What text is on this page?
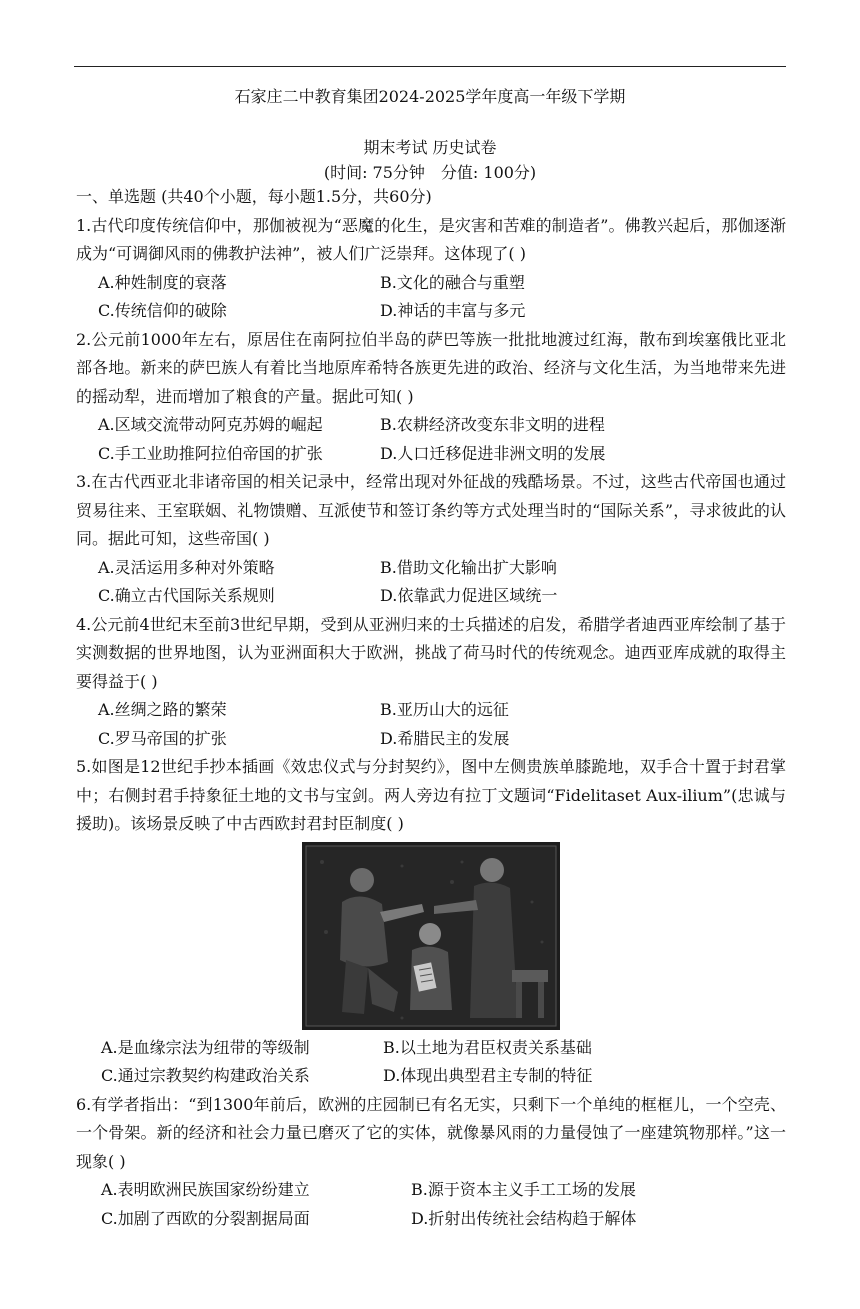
石家庄二中教育集团2024-2025学年度高一年级下学期
期末考试 历史试卷
(时间: 75分钟　分值: 100分)
一、单选题 (共40个小题，每小题1.5分，共60分)

1.古代印度传统信仰中，那伽被视为“恶魔的化生，是灾害和苦难的制造者”。佛教兴起后，那伽逐渐成为“可调御风雨的佛教护法神”，被人们广泛崇拜。这体现了( )

A.种姓制度的衰落	B.文化的融合与重塑
C.传统信仰的破除	D.神话的丰富与多元

2.公元前1000年左右，原居住在南阿拉伯半岛的萨巴等族一批批地渡过红海，散布到埃塞俄比亚北部各地。新来的萨巴族人有着比当地原库希特各族更先进的政治、经济与文化生活，为当地带来先进的摇动犁，进而增加了粮食的产量。据此可知( )

A.区域交流带动阿克苏姆的崛起	B.农耕经济改变东非文明的进程
C.手工业助推阿拉伯帝国的扩张	D.人口迁移促进非洲文明的发展

3.在古代西亚北非诸帝国的相关记录中，经常出现对外征战的残酷场景。不过，这些古代帝国也通过贸易往来、王室联姻、礼物馈赠、互派使节和签订条约等方式处理当时的“国际关系”，寻求彼此的认同。据此可知，这些帝国( )

A.灵活运用多种对外策略	B.借助文化输出扩大影响
C.确立古代国际关系规则	D.依靠武力促进区域统一

4.公元前4世纪末至前3世纪早期，受到从亚洲归来的士兵描述的启发，希腊学者迪西亚库绘制了基于实测数据的世界地图，认为亚洲面积大于欧洲，挑战了荷马时代的传统观念。迪西亚库成就的取得主要得益于( )

A.丝绸之路的繁荣	B.亚历山大的远征
C.罗马帝国的扩张	D.希腊民主的发展

5.如图是12世纪手抄本插画《效忠仪式与分封契约》，图中左侧贵族单膝跪地，双手合十置于封君掌中；右侧封君手持象征土地的文书与宝剑。两人旁边有拉丁文题词“Fidelitaset Aux-ilium”(忠诚与援助)。该场景反映了中古西欧封君封臣制度( )

A.是血缘宗法为纽带的等级制	B.以土地为君臣权责关系基础
C.通过宗教契约构建政治关系	D.体现出典型君主专制的特征

6.有学者指出：“到1300年前后，欧洲的庄园制已有名无实，只剩下一个单纯的框框儿，一个空壳、一个骨架。新的经济和社会力量已磨灭了它的实体，就像暴风雨的力量侵蚀了一座建筑物那样。”这一现象( )

A.表明欧洲民族国家纷纷建立	B.源于资本主义手工工场的发展
C.加剧了西欧的分裂割据局面	D.折射出传统社会结构趋于解体
